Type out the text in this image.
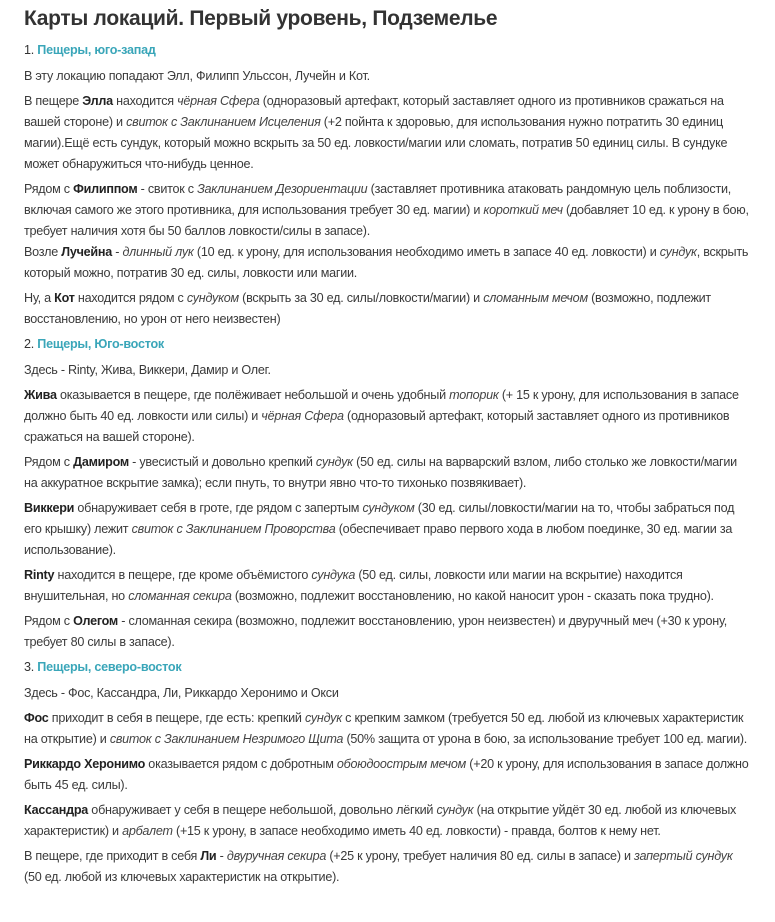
Карты локаций. Первый уровень, Подземелье
1. Пещеры, юго-запад

В эту локацию попадают Элл, Филипп Ульссон, Лучейн и Кот.

В пещере Элла находится чёрная Сфера (одноразовый артефакт, который заставляет одного из противников сражаться на вашей стороне) и свиток с Заклинанием Исцеления (+2 пойнта к здоровью, для использования нужно потратить 30 единиц магии).Ещё есть сундук, который можно вскрыть за 50 ед. ловкости/магии или сломать, потратив 50 единиц силы. В сундуке может обнаружиться что-нибудь ценное.

Рядом с Филиппом - свиток с Заклинанием Дезориентации (заставляет противника атаковать рандомную цель поблизости, включая самого же этого противника, для использования требует 30 ед. магии) и короткий меч (добавляет 10 ед. к урону в бою, требует наличия хотя бы 50 баллов ловкости/силы в запасе).

Возле Лучейна - длинный лук (10 ед. к урону, для использования необходимо иметь в запасе 40 ед. ловкости) и сундук, вскрыть который можно, потратив 30 ед. силы, ловкости или магии.

Ну, а Кот находится рядом с сундуком (вскрыть за 30 ед. силы/ловкости/магии) и сломанным мечом (возможно, подлежит восстановлению, но урон от него неизвестен)

2. Пещеры, Юго-восток

Здесь - Rinty, Жива, Виккери, Дамир и Олег.

Жива оказывается в пещере, где полёживает небольшой и очень удобный топорик (+ 15 к урону, для использования в запасе должно быть 40 ед. ловкости или силы) и чёрная Сфера (одноразовый артефакт, который заставляет одного из противников сражаться на вашей стороне).

Рядом с Дамиром - увесистый и довольно крепкий сундук (50 ед. силы на варварский взлом, либо столько же ловкости/магии на аккуратное вскрытие замка); если пнуть, то внутри явно что-то тихонько позвякивает).

Виккери обнаруживает себя в гроте, где рядом с запертым сундуком (30 ед. силы/ловкости/магии на то, чтобы забраться под его крышку) лежит свиток с Заклинанием Проворства (обеспечивает право первого хода в любом поединке, 30 ед. магии за использование).

Rinty находится в пещере, где кроме объёмистого сундука (50 ед. силы, ловкости или магии на вскрытие) находится внушительная, но сломанная секира (возможно, подлежит восстановлению, но какой наносит урон - сказать пока трудно).

Рядом с Олегом - сломанная секира (возможно, подлежит восстановлению, урон неизвестен) и двуручный меч (+30 к урону, требует 80 силы в запасе).

3. Пещеры, северо-восток

Здесь - Фос, Кассандра, Ли, Риккардо Херонимо и Окси

Фос приходит в себя в пещере, где есть: крепкий сундук с крепким замком (требуется 50 ед. любой из ключевых характеристик на открытие) и свиток с Заклинанием Незримого Щита (50% защита от урона в бою, за использование требует 100 ед. магии).

Риккардо Херонимо оказывается рядом с добротным обоюдоострым мечом (+20 к урону, для использования в запасе должно быть 45 ед. силы).

Кассандра обнаруживает у себя в пещере небольшой, довольно лёгкий сундук (на открытие уйдёт 30 ед. любой из ключевых характеристик) и арбалет (+15 к урону, в запасе необходимо иметь 40 ед. ловкости) - правда, болтов к нему нет.

В пещере, где приходит в себя Ли - двуручная секира (+25 к урону, требует наличия 80 ед. силы в запасе) и запертый сундук (50 ед. любой из ключевых характеристик на открытие).
